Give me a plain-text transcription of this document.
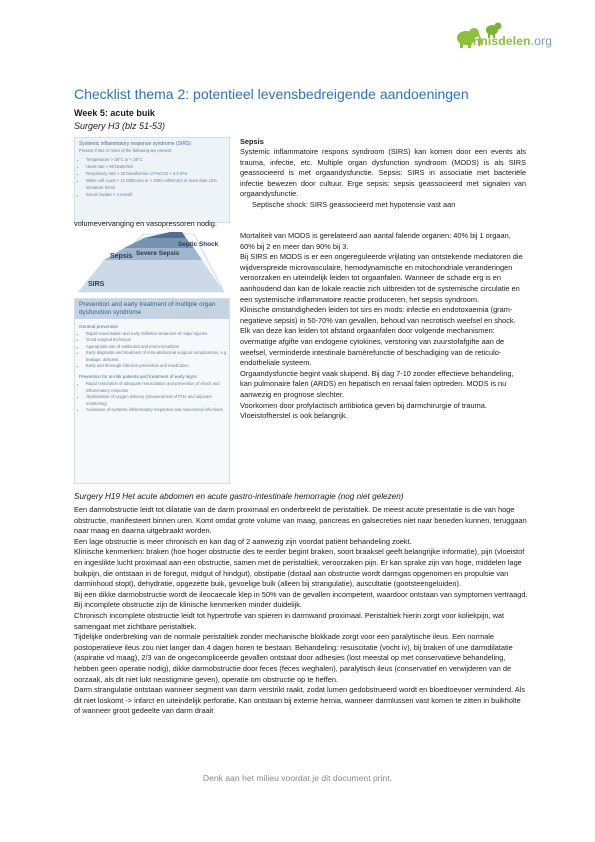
Knnisdelen.org
Checklist thema 2: potentieel levensbedreigende aandoeningen
Week 5: acute buik
Surgery H3 (blz 51-53)
Systemic inflammatory response syndrome (SIRS)
Present if two or more of the following are present:
• Temperature > 38°C or < 36°C
• Heart rate > 90 beats/min
• Respiratory rate > 20 breaths/min or PaCO2 < 4.3 kPa
• White cell count > 12 000/mm3 or < 4000 cells/mm3 or more than 10% immature forms
• Serum lactate > 4 mmol/l
SIRS
Sepsis Severe Sepsis
Septic Shock
Prevention and early treatment of multiple organ dysfunction syndrome
General prevention
• Rapid resuscitation and early definitive treatment of major injuries
• Good surgical technique
• Appropriate use of antibiotics and immunonutrition
• Early diagnosis and treatment of intra-abdominal surgical complications, e.g. leakage, abscess
• Early and thorough infection prevention and eradication
Prevention for at-risk patients and treatment of early signs
• Rapid restoration of adequate resuscitation and prevention of shock and inflammatory response
• Optimisation of oxygen delivery (measurement of PO2 and adjuvant monitoring)
• Avoidance of systemic inflammatory responses and nosocomial infections
Sepsis

Systemic inflammatoire respons syndroom (SIRS) kan komen door een events als trauma, infectie, etc. Multiple organ dysfunction syndroom (MODS) is als SIRS geassocieerd is met orgaandysfunctie. Sepsis: SIRS in associatie met bacteriële infectie bewezen door cultuur. Erge sepsis: sepsis geassocieerd met signalen van orgaandysfunctie.

Septische shock: SIRS geassocieerd met hypotensie vast aan

volumevervanging en vasopressoren nodig.

Mortaliteit van MODS is gerelateerd aan aantal falende organen: 40% bij 1 orgaan, 60% bij 2 en meer dan 90% bij 3.

Bij SIRS en MODS is er een ongereguleerde vrijlating van ontstekende mediatoren die wijdverspreide microvasculaire, hemodynamische en mitochondriale veranderingen veroorzaken en uiteindelijk leiden tot orgaanfalen. Wanneer de schade erg is en aanhoudend dan kan de lokale reactie zich uitbreiden tot de systemische circulatie en een systemische inflammatoire reactie produceren, het sepsis syndroom.

Klinische omstandigheden leiden tot sirs en mods: infectie en endotoxaemia (gram-negatieve sepsis) in 50-70% van gevallen, behoud van necrotisch weefsel en shock. Elk van deze kan leiden tot afstand orgaanfalen door volgende mechanismen: overmatige afgifte van endogene cytokines, verstoring van zuurstofafgifte aan de weefsel, verminderde intestinale barrièrefunctie of beschadiging van de reticulo-endotheliale systeem.

Orgaandysfunctie begint vaak sluipend. Bij dag 7-10 zonder effectieve behandeling, kan pulmonaire falen (ARDS) en hepatisch en renaal falen optreden. MODS is nu aanwezig en prognose slechter.

Voorkomen door profylactisch antibiotica geven bij darmchirurgie of trauma. Vloeistofherstel is ook belangrijk.

Surgery H19 Het acute abdomen en acute gastro-intestinale hemorragie (nog niet gelezen)

Een darmobstructie leidt tot dilatatie van de darm proximaal en onderbreekt de peristaltiek. De meest acute presentatie is die van hoge obstructie, manifesteert binnen uren. Komt omdat grote volume van maag, pancreas en galsecreties niet naar beneden kunnen, teruggaan naar maag en daarna uitgebraakt worden.

Een lage obstructie is meer chronisch en kan dag of 2 aanwezig zijn voordat patiënt behandeling zoekt.

Klinische kenmerken: braken (hoe hoger obstructie des te eerder begint braken, soort braaksel geeft belangrijke informatie), pijn (vloeistof en ingeslikte lucht proximaal aan een obstructie, samen met de peristaltiek, veroorzaken pijn. Er kan sprake zijn van hoge, middelen lage buikpijn, die ontstaan in de foregut, midgut of hindgut), obstipatie (distaal aan obstructie wordt darmgas opgenomen en propulsie van darminhoud stopt), dehydratie, opgezette buik, gevoelige buik (alleen bij strangulatie), auscultatie (gootsteengeluiden).

Bij een dikke darmobstructie wordt de ileocaecale klep in 50% van de gevallen incompetent, waardoor ontstaan van symptomen vertraagd. Bij incomplete obstructie zijn de klinische kenmerken minder duidelijk.

Chronisch incomplete obstructie leidt tot hypertrofie van spieren in darmwand proximaal. Peristaltiek hierin zorgt voor koliekpijn, wat samengaat met zichtbare peristaltiek.

Tijdelijke onderbreking van de normale peristaltiek zonder mechanische blokkade zorgt voor een paralytische ileus. Een normale postoperatieve ileus zou niet langer dan 4 dagen horen te bestaan. Behandeling: resuscitatie (vocht iv), bij braken of une darmdilatatie (aspiratie vd maag), 2/3 van de ongecompliceerde gevallen ontstaat door adhesies (lost meestal op met conservatieve behandeling, hebben geen operatie nodig), dikke darmobstructie door feces (feces weghalen), paralytisch ileus (conservatief en verwijderen van de oorzaak, als dit niet lukt neostigmine geven), operatie om obstructie op te heffen.

Darm strangulatie ontstaan wanneer segment van darm verstrikt raakt, zodat lumen gedobstrueerd wordt en bloedtoevoer verminderd. Als dit niet loskomt -> infarct en uiteindelijk perforatie. Kan ontstaan bij externe hernia, wanneer darmlussen vast komen te zitten in buikholte of wanneer groot gedeelte van darm draait

Denk aan het milieu voordat je dit document print.
